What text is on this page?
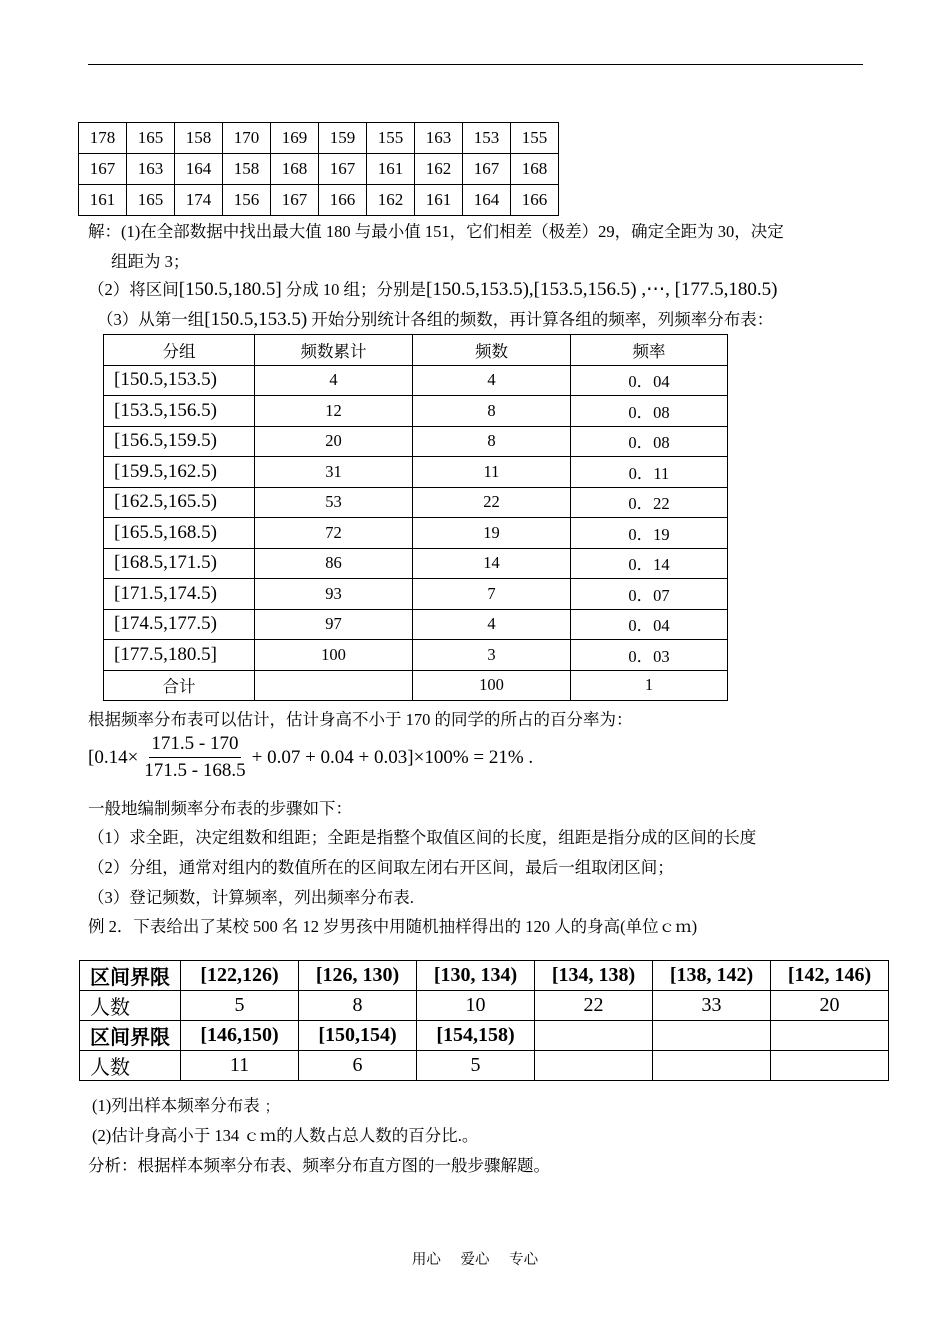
178	165	158	170	169	159	155	163	153	155
167	163	164	158	168	167	161	162	167	168
161	165	174	156	167	166	162	161	164	166
解：(1)在全部数据中找出最大值 180 与最小值 151，它们相差（极差）29，确定全距为 30，决定
组距为 3；
（2）将区间[150.5,180.5] 分成 10 组；分别是[150.5,153.5),[153.5,156.5) ,⋯, [177.5,180.5)
（3）从第一组[150.5,153.5) 开始分别统计各组的频数，再计算各组的频率，列频率分布表：
分组	频数累计	频数	频率
[150.5,153.5)	4	4	0．04
[153.5,156.5)	12	8	0．08
[156.5,159.5)	20	8	0．08
[159.5,162.5)	31	11	0．11
[162.5,165.5)	53	22	0．22
[165.5,168.5)	72	19	0．19
[168.5,171.5)	86	14	0．14
[171.5,174.5)	93	7	0．07
[174.5,177.5)	97	4	0．04
[177.5,180.5]	100	3	0．03
合计		100	1
根据频率分布表可以估计，估计身高不小于 170 的同学的所占的百分率为：
$[0.14\times \frac{171.5 - 170}{171.5 - 168.5} + 0.07 + 0.04 + 0.03]\times 100\% = 21\%$ .
一般地编制频率分布表的步骤如下：
（1）求全距，决定组数和组距；全距是指整个取值区间的长度，组距是指分成的区间的长度
（2）分组，通常对组内的数值所在的区间取左闭右开区间，最后一组取闭区间；
（3）登记频数，计算频率，列出频率分布表.
例 2．下表给出了某校 500 名 12 岁男孩中用随机抽样得出的 120 人的身高(单位ｃｍ)
区间界限	[122,126)	[126, 130)	[130, 134)	[134, 138)	[138, 142)	[142, 146)
人数	5	8	10	22	33	20
区间界限	[146,150)	[150,154)	[154,158)			
人数	11	6	5			
(1)列出样本频率分布表﹔
(2)估计身高小于 134 ｃｍ的人数占总人数的百分比.。
分析：根据样本频率分布表、频率分布直方图的一般步骤解题。
用心 爱心 专心
